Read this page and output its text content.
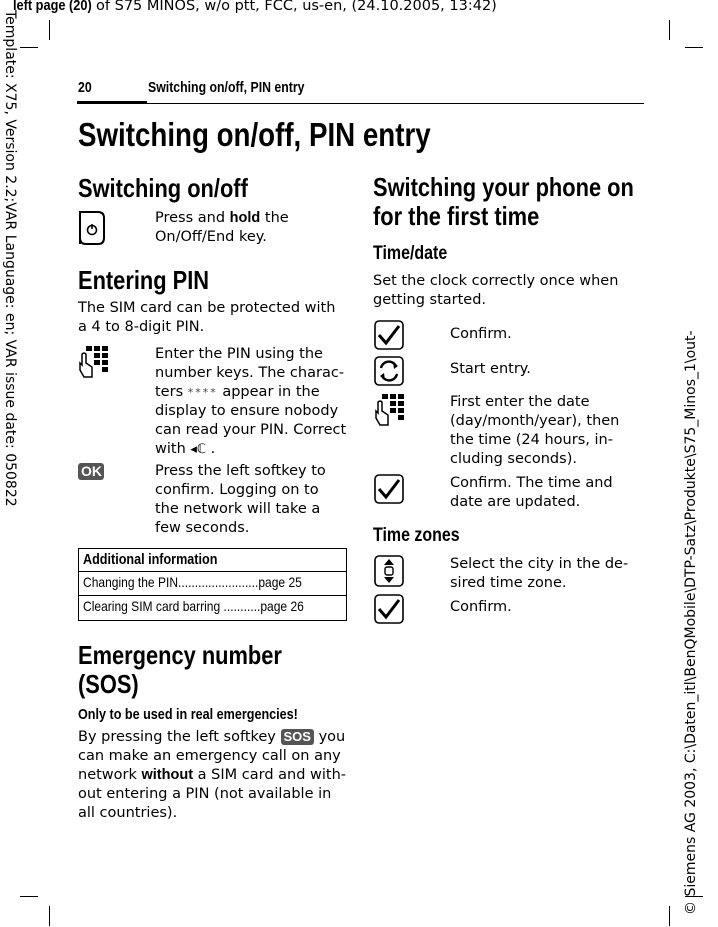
left page (20) of S75 MINOS, w/o ptt, FCC, us-en, (24.10.2005, 13:42)
Template: X75, Version 2.2;VAR Language: en; VAR issue date: 050822
© Siemens AG 2003, C:\Daten_itl\BenQMobile\DTP-Satz\Produkte\S75_Minos_1\out-
20	Switching on/off, PIN entry
Switching on/off, PIN entry
Switching on/off
Press and hold the On/Off/End key.
Entering PIN
The SIM card can be protected with a 4 to 8-digit PIN.
Enter the PIN using the number keys. The charac-ters **** appear in the display to ensure nobody can read your PIN. Correct with ◂ℂ .
OK	Press the left softkey to confirm. Logging on to the network will take a few seconds.
Additional information
Changing the PIN........................page 25
Clearing SIM card barring ...........page 26
Emergency number (SOS)
Only to be used in real emergencies!
By pressing the left softkey SOS you can make an emergency call on any network without a SIM card and with-out entering a PIN (not available in all countries).
Switching your phone on for the first time
Time/date
Set the clock correctly once when getting started.
Confirm.
Start entry.
First enter the date (day/month/year), then the time (24 hours, in-cluding seconds).
Confirm. The time and date are updated.
Time zones
Select the city in the de-sired time zone.
Confirm.
